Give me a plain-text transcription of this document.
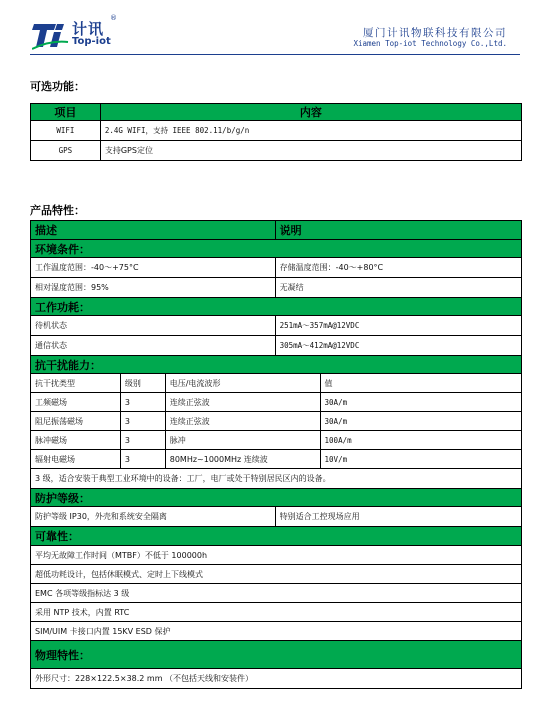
计讯
®
Top-iot
厦门计讯物联科技有限公司
Xiamen Top-iot Technology Co.,Ltd.
可选功能：
项目	内容
WIFI	2.4G WIFI，支持 IEEE 802.11/b/g/n
GPS	支持GPS定位
产品特性：
描述			说明	
环境条件：				
工作温度范围：-40～+75°C			存储温度范围：-40～+80°C	
相对湿度范围：95%			无凝结	
工作功耗：				
待机状态			251mA～357mA@12VDC	
通信状态			305mA～412mA@12VDC	
抗干扰能力：				
抗干扰类型	级别	电压/电流波形		值
工频磁场	3	连续正弦波		30A/m
阻尼振荡磁场	3	连续正弦波		30A/m
脉冲磁场	3	脉冲		100A/m
辐射电磁场	3	80MHz~1000MHz 连续波		10V/m
3 级，适合安装于典型工业环境中的设备：工厂，电厂或处于特别居民区内的设备。				
防护等级：				
防护等级 IP30，外壳和系统安全隔离			特别适合工控现场应用	
可靠性：				
平均无故障工作时间（MTBF）不低于 100000h				
超低功耗设计，包括休眠模式、定时上下线模式				
EMC 各项等级指标达 3 级				
采用 NTP 技术，内置 RTC				
SIM/UIM 卡接口内置 15KV ESD 保护				
物理特性：				
外形尺寸：228×122.5×38.2 mm （不包括天线和安装件）				
